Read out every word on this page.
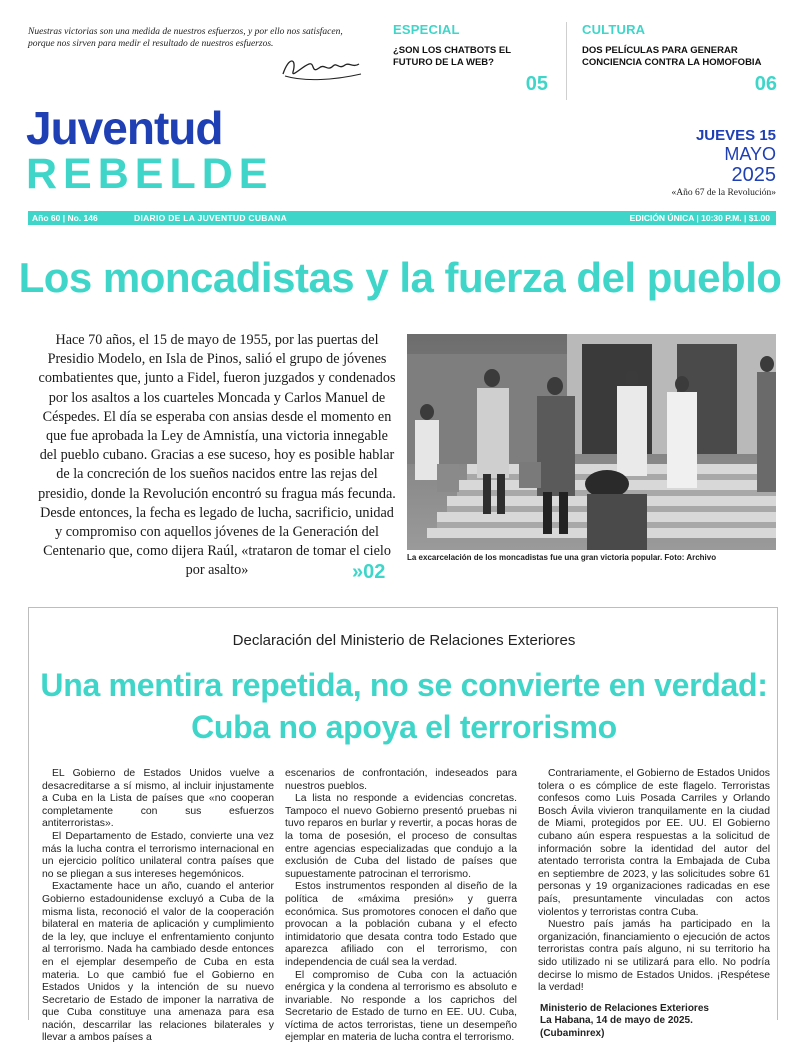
Nuestras victorias son una medida de nuestros esfuerzos, y por ello nos satisfacen, porque nos sirven para medir el resultado de nuestros esfuerzos.

ESPECIAL
¿SON LOS CHATBOTS EL FUTURO DE LA WEB?
05
CULTURA
DOS PELÍCULAS PARA GENERAR CONCIENCIA CONTRA LA HOMOFOBIA
06
Juventud
REBELDE
JUEVES 15
MAYO
2025
«Año 67 de la Revolución»
Año 60 | No. 146	DIARIO DE LA JUVENTUD CUBANA	EDICIÓN ÚNICA | 10:30 P.M. | $1.00
Los moncadistas y la fuerza del pueblo

Hace 70 años, el 15 de mayo de 1955, por las puertas del Presidio Modelo, en Isla de Pinos, salió el grupo de jóvenes combatientes que, junto a Fidel, fueron juzgados y condenados por los asaltos a los cuarteles Moncada y Carlos Manuel de Céspedes. El día se esperaba con ansias desde el momento en que fue aprobada la Ley de Amnistía, una victoria innegable del pueblo cubano. Gracias a ese suceso, hoy es posible hablar de la concreción de los sueños nacidos entre las rejas del presidio, donde la Revolución encontró su fragua más fecunda. Desde entonces, la fecha es legado de lucha, sacrificio, unidad y compromiso con aquellos jóvenes de la Generación del Centenario que, como dijera Raúl, «trataron de tomar el cielo por asalto»	»02
La excarcelación de los moncadistas fue una gran victoria popular. Foto: Archivo
Declaración del Ministerio de Relaciones Exteriores
Una mentira repetida, no se convierte en verdad:
Cuba no apoya el terrorismo

EL Gobierno de Estados Unidos vuelve a desacreditarse a sí mismo, al incluir injustamente a Cuba en la Lista de países que «no cooperan completamente con sus esfuerzos antiterroristas».

El Departamento de Estado, convierte una vez más la lucha contra el terrorismo internacional en un ejercicio político unilateral contra países que no se pliegan a sus intereses hegemónicos.

Exactamente hace un año, cuando el anterior Gobierno estadounidense excluyó a Cuba de la misma lista, reconoció el valor de la cooperación bilateral en materia de aplicación y cumplimiento de la ley, que incluye el enfrentamiento conjunto al terrorismo. Nada ha cambiado desde entonces en el ejemplar desempeño de Cuba en esta materia. Lo que cambió fue el Gobierno en Estados Unidos y la intención de su nuevo Secretario de Estado de imponer la narrativa de que Cuba constituye una amenaza para esa nación, descarrilar las relaciones bilaterales y llevar a ambos países a

escenarios de confrontación, indeseados para nuestros pueblos.

La lista no responde a evidencias concretas. Tampoco el nuevo Gobierno presentó pruebas ni tuvo reparos en burlar y revertir, a pocas horas de la toma de posesión, el proceso de consultas entre agencias especializadas que condujo a la exclusión de Cuba del listado de países que supuestamente patrocinan el terrorismo.

Estos instrumentos responden al diseño de la política de «máxima presión» y guerra económica. Sus promotores conocen el daño que provocan a la población cubana y el efecto intimidatorio que desata contra todo Estado que aparezca afiliado con el terrorismo, con independencia de cuál sea la verdad.

El compromiso de Cuba con la actuación enérgica y la condena al terrorismo es absoluto e invariable. No responde a los caprichos del Secretario de Estado de turno en EE. UU. Cuba, víctima de actos terroristas, tiene un desempeño ejemplar en materia de lucha contra el terrorismo.

Contrariamente, el Gobierno de Estados Unidos tolera o es cómplice de este flagelo. Terroristas confesos como Luis Posada Carriles y Orlando Bosch Ávila vivieron tranquilamente en la ciudad de Miami, protegidos por EE. UU. El Gobierno cubano aún espera respuestas a la solicitud de información sobre la identidad del autor del atentado terrorista contra la Embajada de Cuba en septiembre de 2023, y las solicitudes sobre 61 personas y 19 organizaciones radicadas en ese país, presuntamente vinculadas con actos violentos y terroristas contra Cuba.

Nuestro país jamás ha participado en la organización, financiamiento o ejecución de actos terroristas contra país alguno, ni su territorio ha sido utilizado ni se utilizará para ello. No podría decirse lo mismo de Estados Unidos. ¡Respétese la verdad!

Ministerio de Relaciones Exteriores
La Habana, 14 de mayo de 2025.
(Cubaminrex)
